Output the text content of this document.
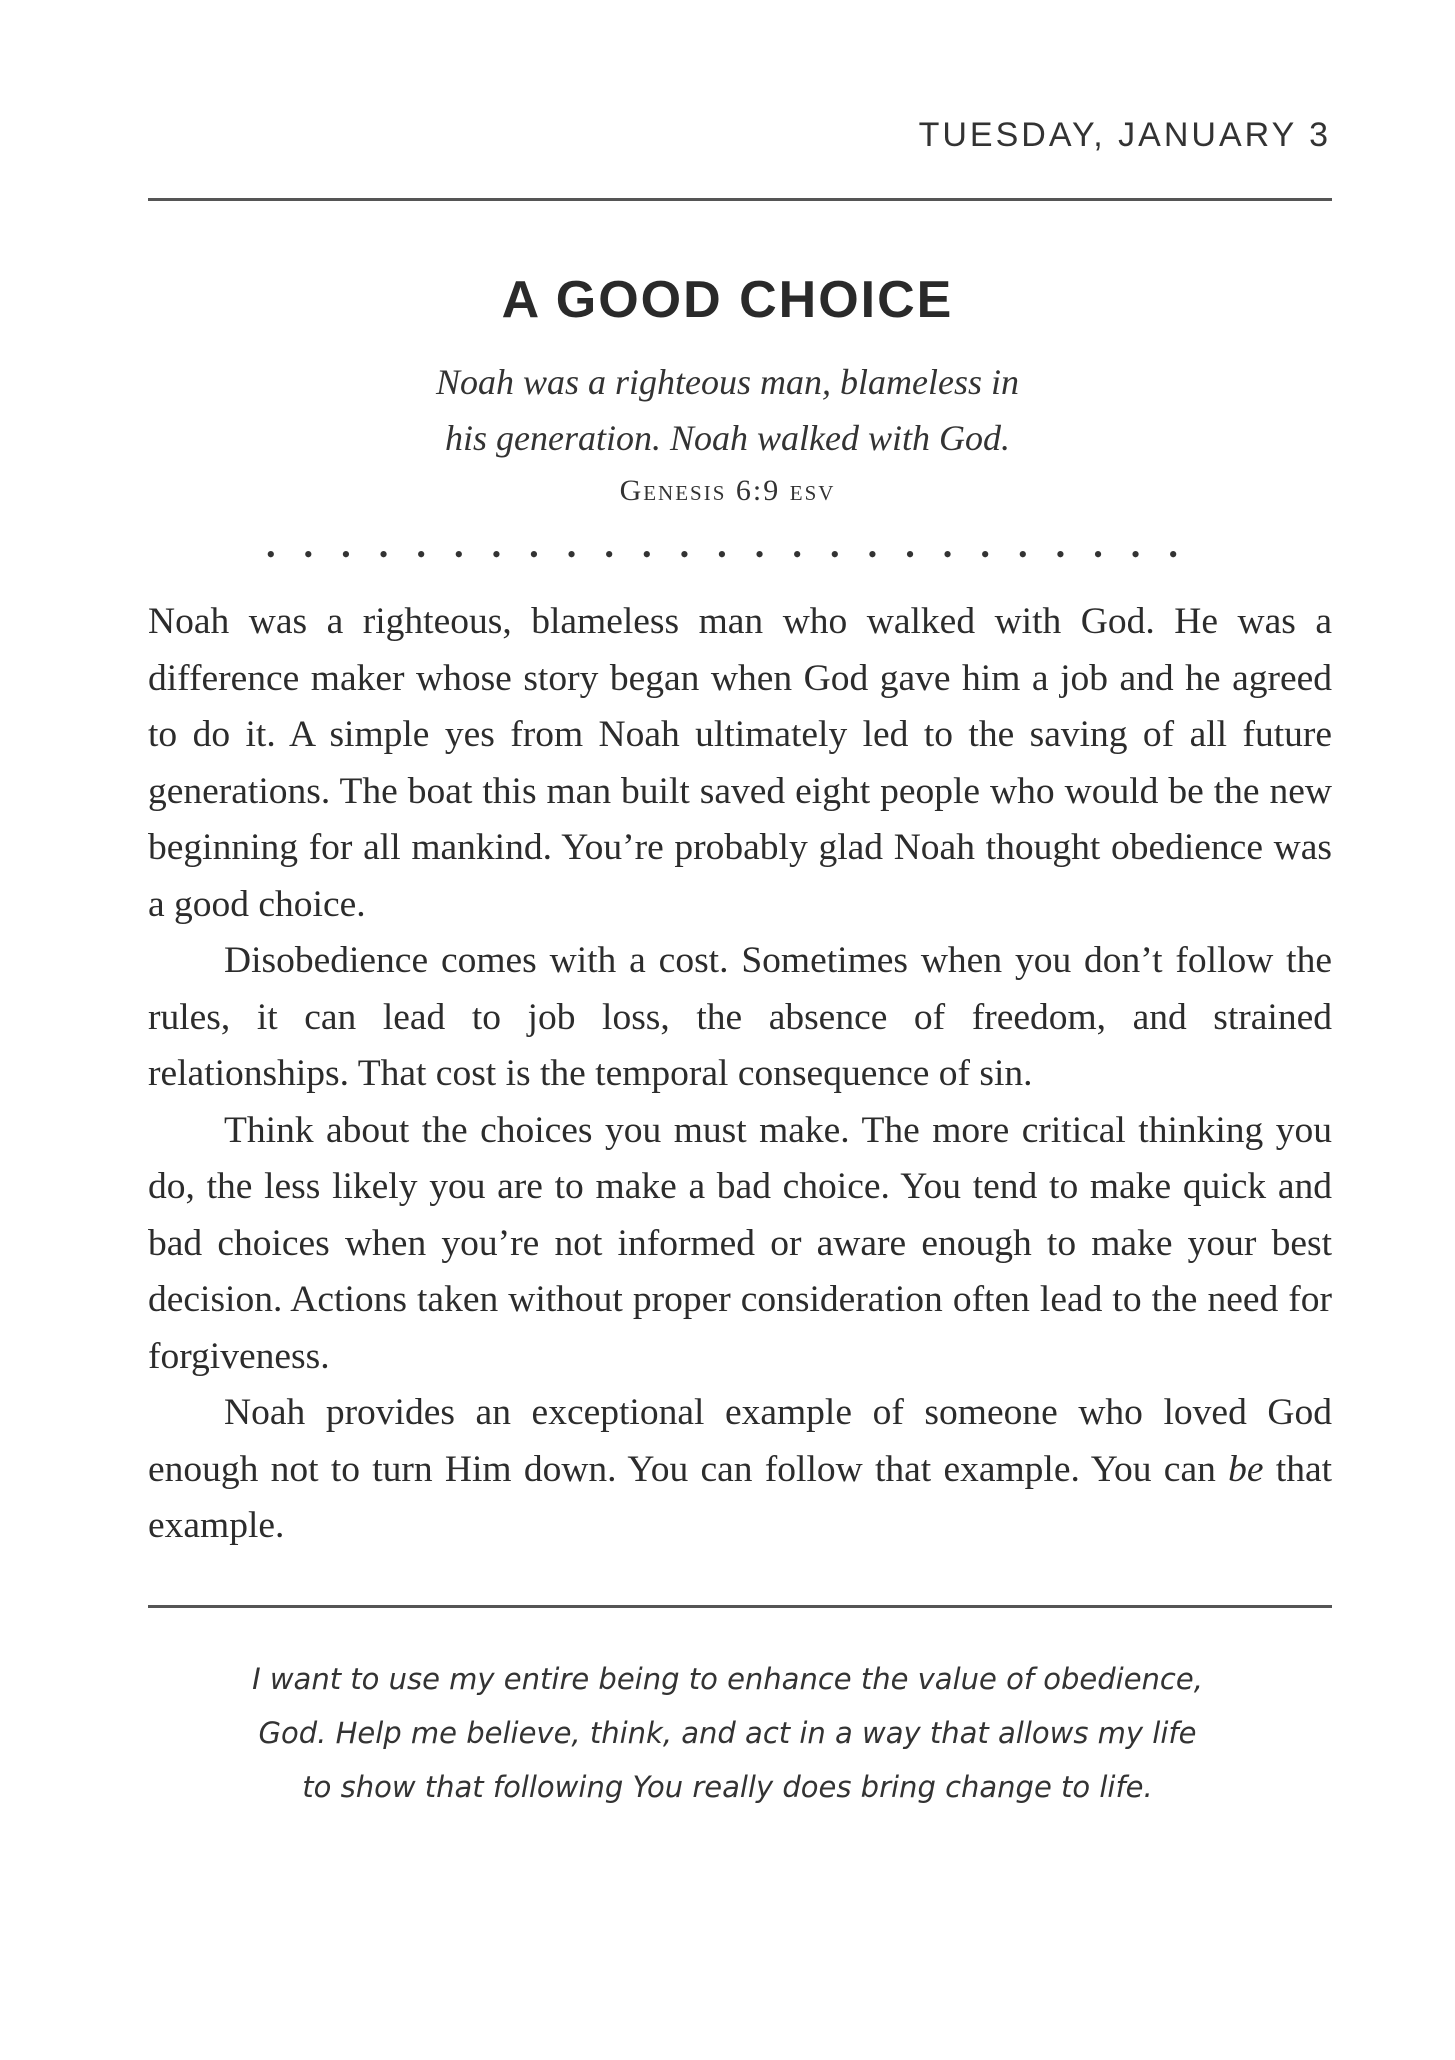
TUESDAY, JANUARY 3
A GOOD CHOICE
Noah was a righteous man, blameless in
his generation. Noah walked with God.
Genesis 6:9 esv
• • • • • • • • • • • • • • • • • • • • • • • • •

Noah was a righteous, blameless man who walked with God. He was a difference maker whose story began when God gave him a job and he agreed to do it. A simple yes from Noah ultimately led to the saving of all future generations. The boat this man built saved eight people who would be the new beginning for all mankind. You’re probably glad Noah thought obedience was a good choice.

Disobedience comes with a cost. Sometimes when you don’t follow the rules, it can lead to job loss, the absence of freedom, and strained relationships. That cost is the temporal consequence of sin.

Think about the choices you must make. The more critical thinking you do, the less likely you are to make a bad choice. You tend to make quick and bad choices when you’re not informed or aware enough to make your best decision. Actions taken without proper consideration often lead to the need for forgiveness.

Noah provides an exceptional example of someone who loved God enough not to turn Him down. You can follow that example. You can be that example.

I want to use my entire being to enhance the value of obedience,
God. Help me believe, think, and act in a way that allows my life
to show that following You really does bring change to life.
